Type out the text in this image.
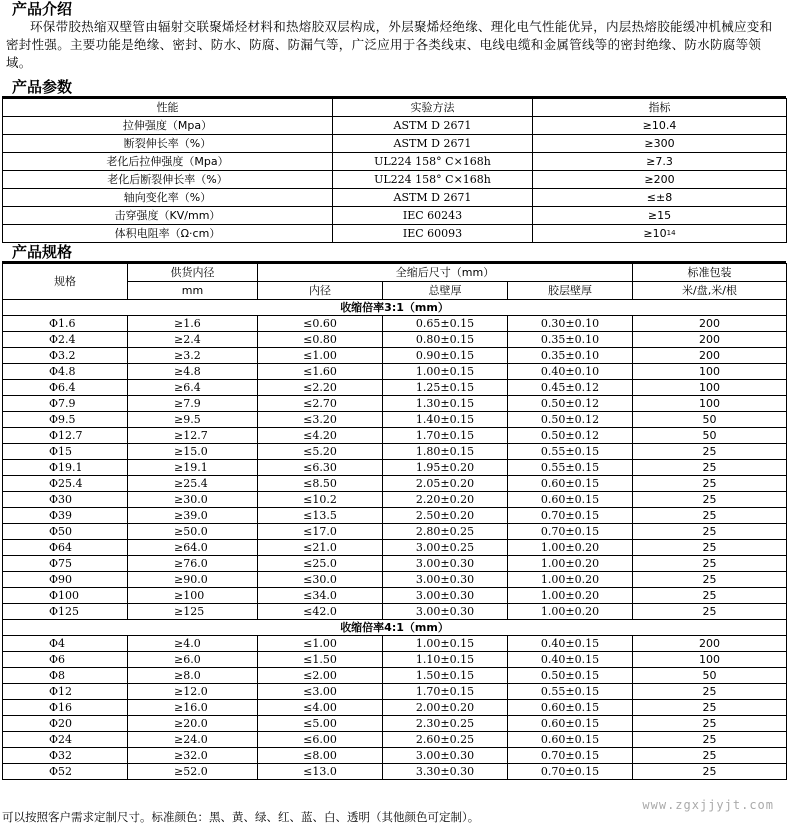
产品介绍
环保带胶热缩双壁管由辐射交联聚烯烃材料和热熔胶双层构成，外层聚烯烃绝缘、理化电气性能优异，内层热熔胶能缓冲机械应变和密封性强。主要功能是绝缘、密封、防水、防腐、防漏气等，广泛应用于各类线束、电线电缆和金属管线等的密封绝缘、防水防腐等领域。
产品参数
性能	实验方法	指标
拉伸强度（Mpa）	ASTM D 2671	≥10.4
断裂伸长率（%）	ASTM D 2671	≥300
老化后拉伸强度（Mpa）	UL224 158° C×168h	≥7.3
老化后断裂伸长率（%）	UL224 158° C×168h	≥200
轴向变化率（%）	ASTM D 2671	≤±8
击穿强度（KV/mm）	IEC 60243	≥15
体积电阻率（Ω·cm）	IEC 60093	$\ge 10^{14}$
产品规格
规格	供货内径	全缩后尺寸（mm）			标准包装
	mm	内径	总壁厚	胶层壁厚	米/盘,米/根
收缩倍率3:1（mm）					
Φ1.6	≥1.6	≤0.60	0.65±0.15	0.30±0.10	200
Φ2.4	≥2.4	≤0.80	0.80±0.15	0.35±0.10	200
Φ3.2	≥3.2	≤1.00	0.90±0.15	0.35±0.10	200
Φ4.8	≥4.8	≤1.60	1.00±0.15	0.40±0.10	100
Φ6.4	≥6.4	≤2.20	1.25±0.15	0.45±0.12	100
Φ7.9	≥7.9	≤2.70	1.30±0.15	0.50±0.12	100
Φ9.5	≥9.5	≤3.20	1.40±0.15	0.50±0.12	50
Φ12.7	≥12.7	≤4.20	1.70±0.15	0.50±0.12	50
Φ15	≥15.0	≤5.20	1.80±0.15	0.55±0.15	25
Φ19.1	≥19.1	≤6.30	1.95±0.20	0.55±0.15	25
Φ25.4	≥25.4	≤8.50	2.05±0.20	0.60±0.15	25
Φ30	≥30.0	≤10.2	2.20±0.20	0.60±0.15	25
Φ39	≥39.0	≤13.5	2.50±0.20	0.70±0.15	25
Φ50	≥50.0	≤17.0	2.80±0.25	0.70±0.15	25
Φ64	≥64.0	≤21.0	3.00±0.25	1.00±0.20	25
Φ75	≥76.0	≤25.0	3.00±0.30	1.00±0.20	25
Φ90	≥90.0	≤30.0	3.00±0.30	1.00±0.20	25
Φ100	≥100	≤34.0	3.00±0.30	1.00±0.20	25
Φ125	≥125	≤42.0	3.00±0.30	1.00±0.20	25
收缩倍率4:1（mm）					
Φ4	≥4.0	≤1.00	1.00±0.15	0.40±0.15	200
Φ6	≥6.0	≤1.50	1.10±0.15	0.40±0.15	100
Φ8	≥8.0	≤2.00	1.50±0.15	0.50±0.15	50
Φ12	≥12.0	≤3.00	1.70±0.15	0.55±0.15	25
Φ16	≥16.0	≤4.00	2.00±0.20	0.60±0.15	25
Φ20	≥20.0	≤5.00	2.30±0.25	0.60±0.15	25
Φ24	≥24.0	≤6.00	2.60±0.25	0.60±0.15	25
Φ32	≥32.0	≤8.00	3.00±0.30	0.70±0.15	25
Φ52	≥52.0	≤13.0	3.30±0.30	0.70±0.15	25
可以按照客户需求定制尺寸。标准颜色：黑、黄、绿、红、蓝、白、透明（其他颜色可定制）。
www.zgxjjyjt.com
